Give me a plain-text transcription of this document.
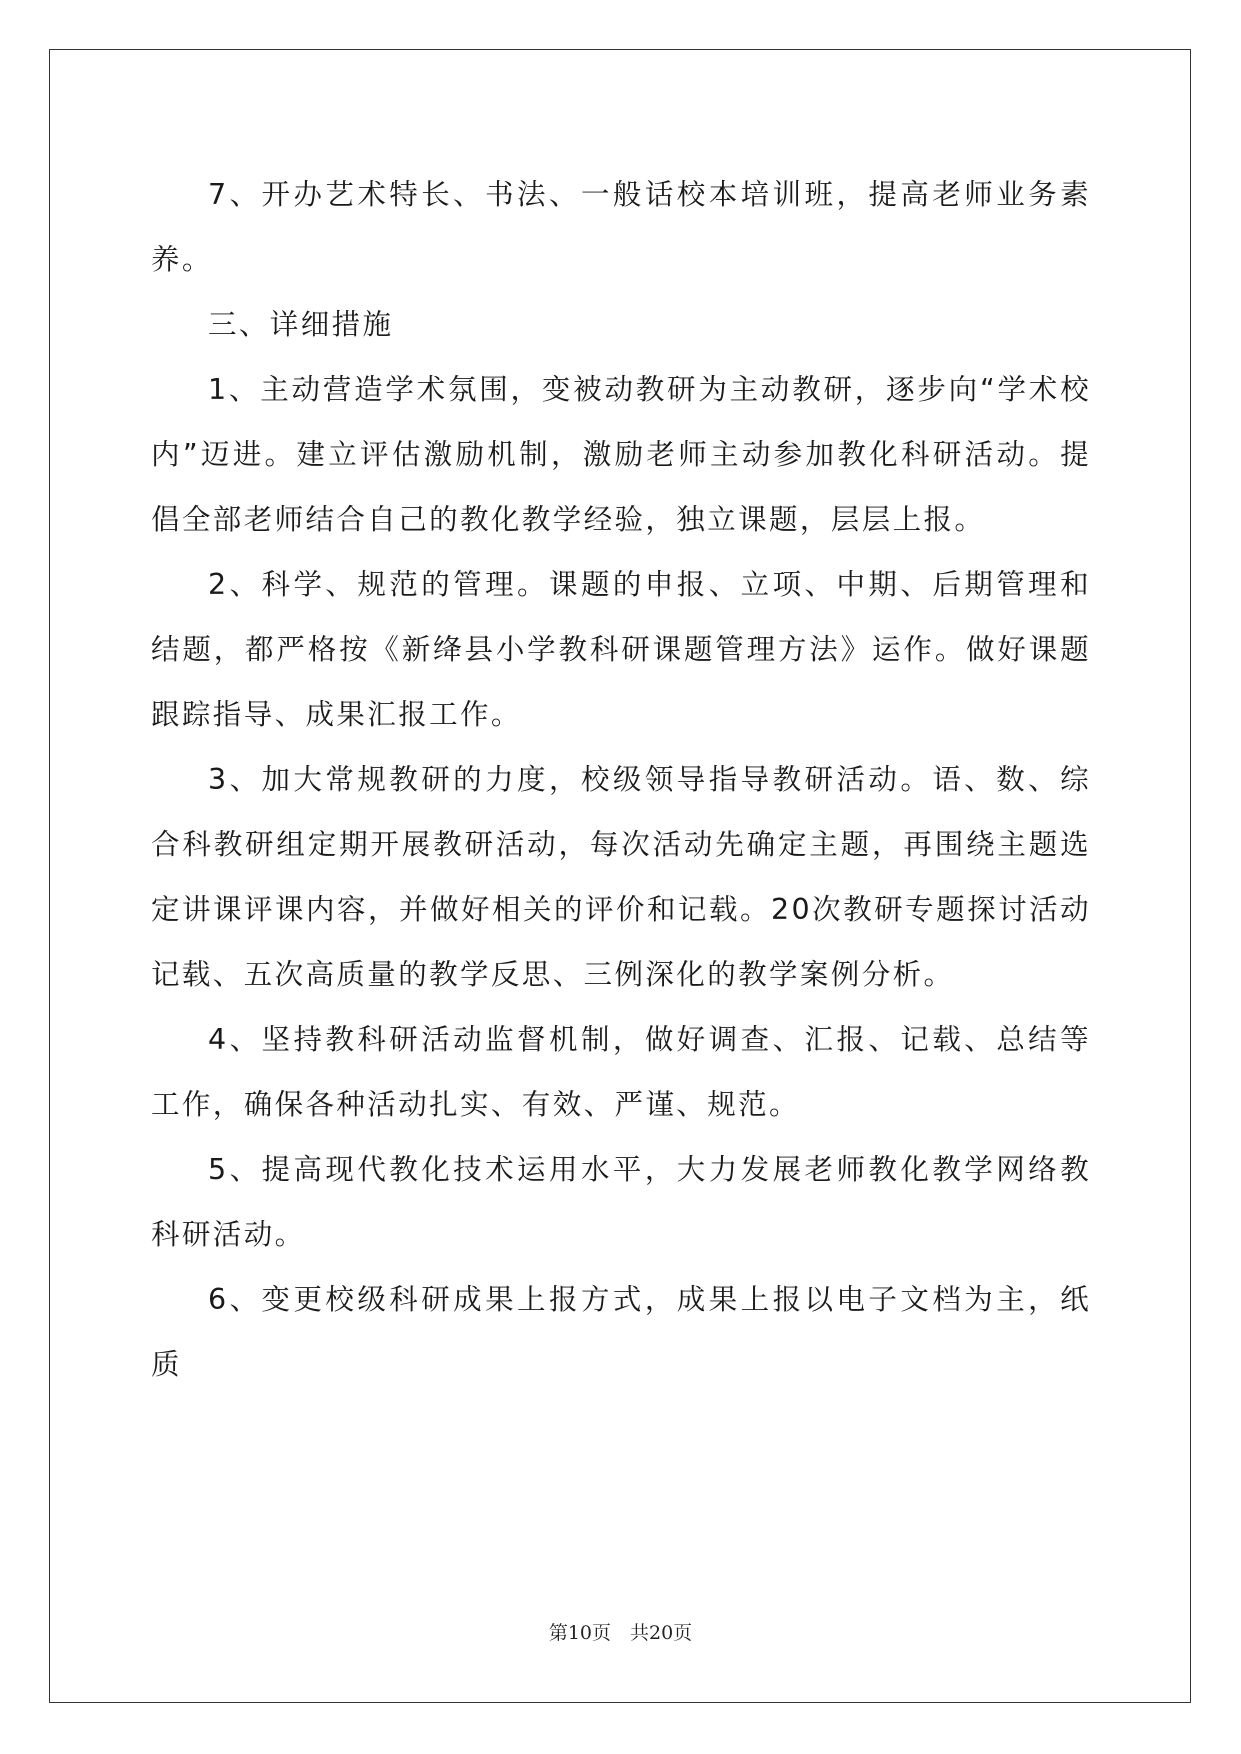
7、开办艺术特长、书法、一般话校本培训班，提高老师业务素养。

三、详细措施

1、主动营造学术氛围，变被动教研为主动教研，逐步向“学术校内”迈进。建立评估激励机制，激励老师主动参加教化科研活动。提倡全部老师结合自己的教化教学经验，独立课题，层层上报。

2、科学、规范的管理。课题的申报、立项、中期、后期管理和结题，都严格按《新绛县小学教科研课题管理方法》运作。做好课题跟踪指导、成果汇报工作。

3、加大常规教研的力度，校级领导指导教研活动。语、数、综合科教研组定期开展教研活动，每次活动先确定主题，再围绕主题选定讲课评课内容，并做好相关的评价和记载。20次教研专题探讨活动记载、五次高质量的教学反思、三例深化的教学案例分析。

4、坚持教科研活动监督机制，做好调查、汇报、记载、总结等工作，确保各种活动扎实、有效、严谨、规范。

5、提高现代教化技术运用水平，大力发展老师教化教学网络教科研活动。

6、变更校级科研成果上报方式，成果上报以电子文档为主，纸质

第10页　共20页
